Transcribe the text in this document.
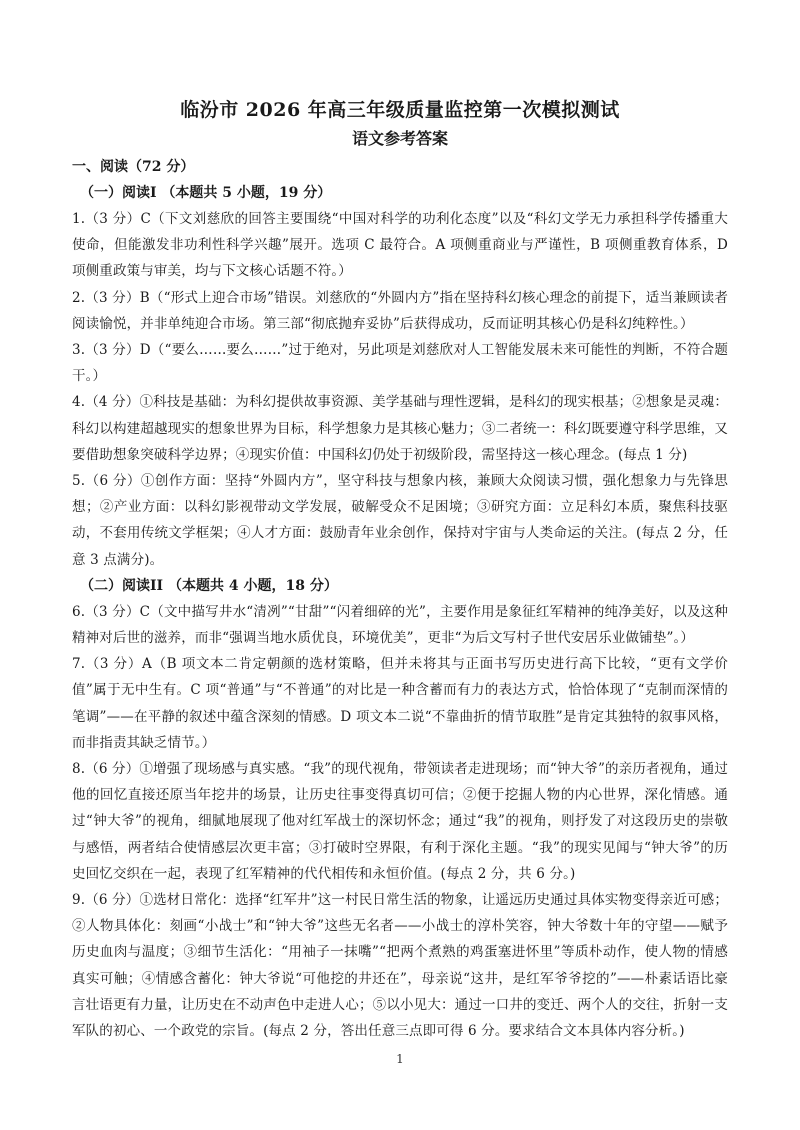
临汾市 2026 年高三年级质量监控第一次模拟测试
语文参考答案
一、阅读（72 分）
（一）阅读I （本题共 5 小题，19 分）

1.（3 分）C（下文刘慈欣的回答主要围绕“中国对科学的功利化态度”以及“科幻文学无力承担科学传播重大使命，但能激发非功利性科学兴趣”展开。选项 C 最符合。A 项侧重商业与严谨性，B 项侧重教育体系，D 项侧重政策与审美，均与下文核心话题不符。）

2.（3 分）B（“形式上迎合市场”错误。刘慈欣的“外圆内方”指在坚持科幻核心理念的前提下，适当兼顾读者阅读愉悦，并非单纯迎合市场。第三部“彻底抛弃妥协”后获得成功，反而证明其核心仍是科幻纯粹性。）

3.（3 分）D（“要么……要么……”过于绝对，另此项是刘慈欣对人工智能发展未来可能性的判断，不符合题干。）

4.（4 分）①科技是基础：为科幻提供故事资源、美学基础与理性逻辑，是科幻的现实根基；②想象是灵魂：科幻以构建超越现实的想象世界为目标，科学想象力是其核心魅力；③二者统一：科幻既要遵守科学思维，又要借助想象突破科学边界；④现实价值：中国科幻仍处于初级阶段，需坚持这一核心理念。(每点 1 分)

5.（6 分）①创作方面：坚持“外圆内方”，坚守科技与想象内核，兼顾大众阅读习惯，强化想象力与先锋思想；②产业方面：以科幻影视带动文学发展，破解受众不足困境；③研究方面：立足科幻本质，聚焦科技驱动，不套用传统文学框架；④人才方面：鼓励青年业余创作，保持对宇宙与人类命运的关注。(每点 2 分，任意 3 点满分)。

（二）阅读II （本题共 4 小题，18 分）

6.（3 分）C（文中描写井水“清冽”“甘甜”“闪着细碎的光”，主要作用是象征红军精神的纯净美好，以及这种精神对后世的滋养，而非“强调当地水质优良，环境优美”，更非“为后文写村子世代安居乐业做铺垫”。）

7.（3 分）A（B 项文本二肯定朝颜的选材策略，但并未将其与正面书写历史进行高下比较，“更有文学价值”属于无中生有。C 项“普通”与“不普通”的对比是一种含蓄而有力的表达方式，恰恰体现了“克制而深情的笔调”——在平静的叙述中蕴含深刻的情感。D 项文本二说“不靠曲折的情节取胜”是肯定其独特的叙事风格，而非指责其缺乏情节。）

8.（6 分）①增强了现场感与真实感。“我”的现代视角，带领读者走进现场；而“钟大爷”的亲历者视角，通过他的回忆直接还原当年挖井的场景，让历史往事变得真切可信；②便于挖掘人物的内心世界，深化情感。通过“钟大爷”的视角，细腻地展现了他对红军战士的深切怀念；通过“我”的视角，则抒发了对这段历史的崇敬与感悟，两者结合使情感层次更丰富；③打破时空界限，有利于深化主题。“我”的现实见闻与“钟大爷”的历史回忆交织在一起，表现了红军精神的代代相传和永恒价值。(每点 2 分，共 6 分。)

9.（6 分）①选材日常化：选择“红军井”这一村民日常生活的物象，让遥远历史通过具体实物变得亲近可感；②人物具体化：刻画“小战士”和“钟大爷”这些无名者——小战士的淳朴笑容，钟大爷数十年的守望——赋予历史血肉与温度；③细节生活化：“用袖子一抹嘴”“把两个煮熟的鸡蛋塞进怀里”等质朴动作，使人物的情感真实可触；④情感含蓄化：钟大爷说“可他挖的井还在”，母亲说“这井，是红军爷爷挖的”——朴素话语比豪言壮语更有力量，让历史在不动声色中走进人心；⑤以小见大：通过一口井的变迁、两个人的交往，折射一支军队的初心、一个政党的宗旨。(每点 2 分，答出任意三点即可得 6 分。要求结合文本具体内容分析。)

1
